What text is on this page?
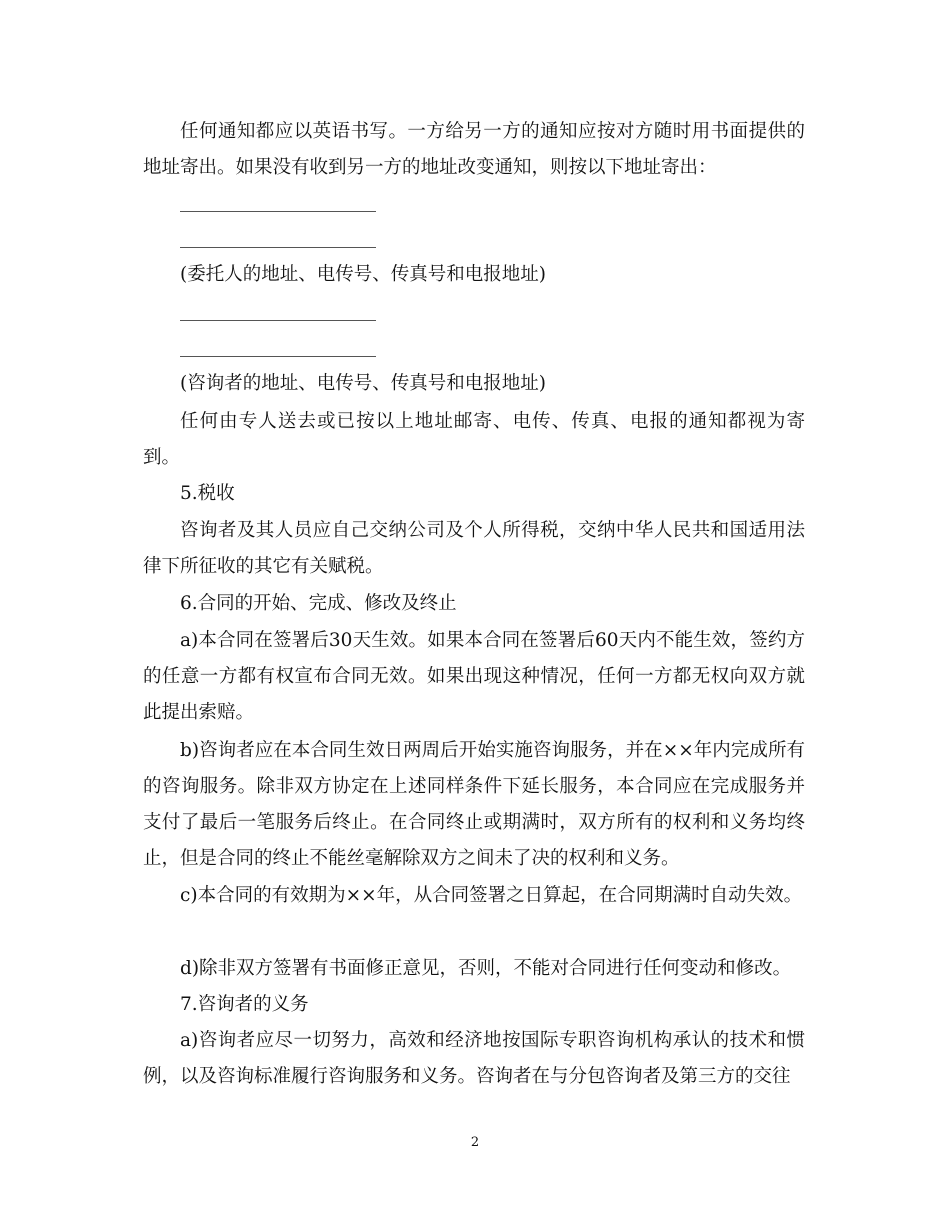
任何通知都应以英语书写。一方给另一方的通知应按对方随时用书面提供的地址寄出。如果没有收到另一方的地址改变通知，则按以下地址寄出：

(委托人的地址、电传号、传真号和电报地址)

(咨询者的地址、电传号、传真号和电报地址)

任何由专人送去或已按以上地址邮寄、电传、传真、电报的通知都视为寄到。

5.税收

咨询者及其人员应自己交纳公司及个人所得税，交纳中华人民共和国适用法律下所征收的其它有关赋税。

6.合同的开始、完成、修改及终止

a)本合同在签署后30天生效。如果本合同在签署后60天内不能生效，签约方的任意一方都有权宣布合同无效。如果出现这种情况，任何一方都无权向双方就此提出索赔。

b)咨询者应在本合同生效日两周后开始实施咨询服务，并在××年内完成所有的咨询服务。除非双方协定在上述同样条件下延长服务，本合同应在完成服务并支付了最后一笔服务后终止。在合同终止或期满时，双方所有的权利和义务均终止，但是合同的终止不能丝毫解除双方之间未了决的权利和义务。

c)本合同的有效期为××年，从合同签署之日算起，在合同期满时自动失效。

d)除非双方签署有书面修正意见，否则，不能对合同进行任何变动和修改。

7.咨询者的义务

a)咨询者应尽一切努力，高效和经济地按国际专职咨询机构承认的技术和惯例，以及咨询标准履行咨询服务和义务。咨询者在与分包咨询者及第三方的交往

2
